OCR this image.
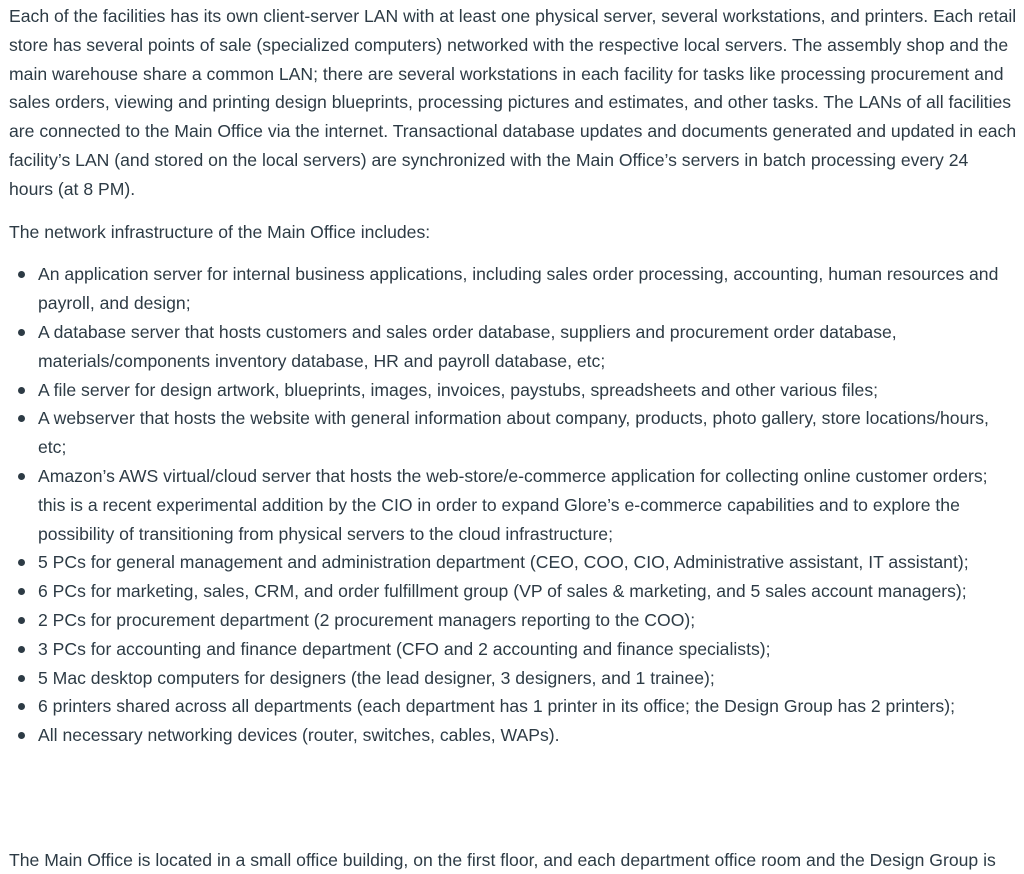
Each of the facilities has its own client-server LAN with at least one physical server, several workstations, and printers. Each retail store has several points of sale (specialized computers) networked with the respective local servers. The assembly shop and the main warehouse share a common LAN; there are several workstations in each facility for tasks like processing procurement and sales orders, viewing and printing design blueprints, processing pictures and estimates, and other tasks. The LANs of all facilities are connected to the Main Office via the internet. Transactional database updates and documents generated and updated in each facility’s LAN (and stored on the local servers) are synchronized with the Main Office’s servers in batch processing every 24 hours (at 8 PM).

The network infrastructure of the Main Office includes:

An application server for internal business applications, including sales order processing, accounting, human resources and payroll, and design;
A database server that hosts customers and sales order database, suppliers and procurement order database, materials/components inventory database, HR and payroll database, etc;
A file server for design artwork, blueprints, images, invoices, paystubs, spreadsheets and other various files;
A webserver that hosts the website with general information about company, products, photo gallery, store locations/hours, etc;
Amazon’s AWS virtual/cloud server that hosts the web-store/e-commerce application for collecting online customer orders; this is a recent experimental addition by the CIO in order to expand Glore’s e-commerce capabilities and to explore the possibility of transitioning from physical servers to the cloud infrastructure;
5 PCs for general management and administration department (CEO, COO, CIO, Administrative assistant, IT assistant);
6 PCs for marketing, sales, CRM, and order fulfillment group (VP of sales & marketing, and 5 sales account managers);
2 PCs for procurement department (2 procurement managers reporting to the COO);
3 PCs for accounting and finance department (CFO and 2 accounting and finance specialists);
5 Mac desktop computers for designers (the lead designer, 3 designers, and 1 trainee);
6 printers shared across all departments (each department has 1 printer in its office; the Design Group has 2 printers);
All necessary networking devices (router, switches, cables, WAPs).
The Main Office is located in a small office building, on the first floor, and each department office room and the Design Group is
